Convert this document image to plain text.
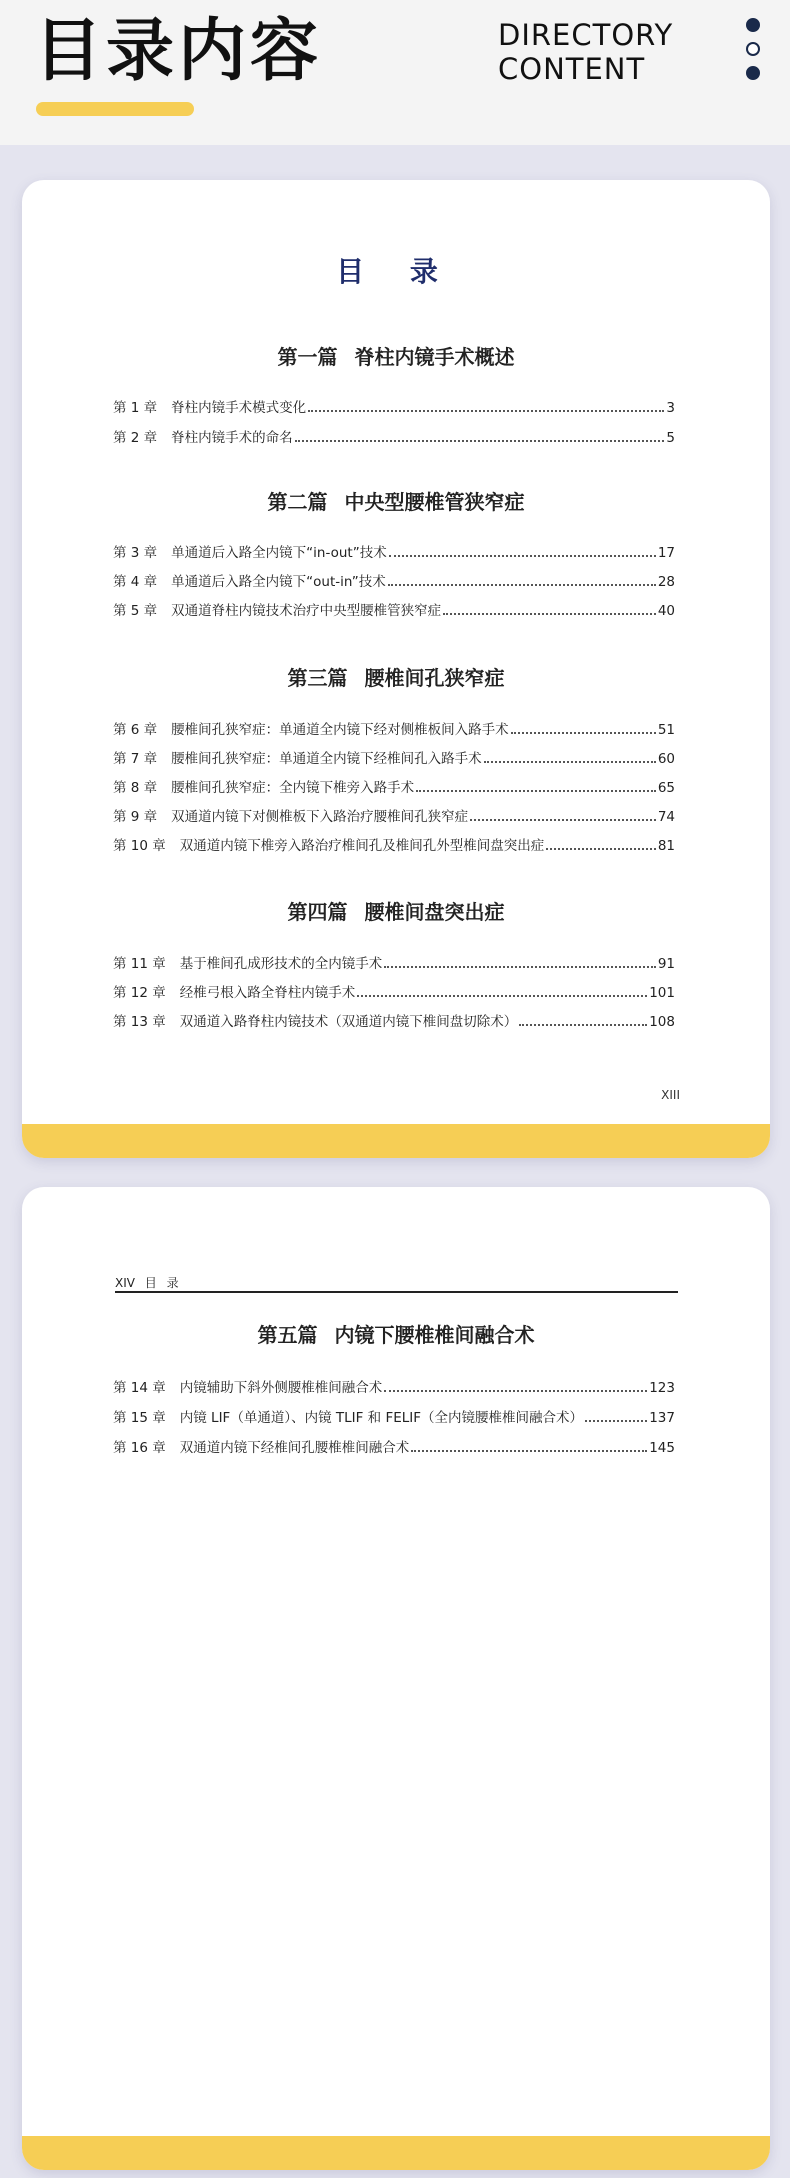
目录内容	DIRECTORY
CONTENT
目 录
第一篇 脊柱内镜手术概述
第 1 章 脊柱内镜手术模式变化	3
第 2 章 脊柱内镜手术的命名	5
第二篇 中央型腰椎管狭窄症
第 3 章 单通道后入路全内镜下“in-out”技术	17
第 4 章 单通道后入路全内镜下“out-in”技术	28
第 5 章 双通道脊柱内镜技术治疗中央型腰椎管狭窄症	40
第三篇 腰椎间孔狭窄症
第 6 章 腰椎间孔狭窄症：单通道全内镜下经对侧椎板间入路手术	51
第 7 章 腰椎间孔狭窄症：单通道全内镜下经椎间孔入路手术	60
第 8 章 腰椎间孔狭窄症：全内镜下椎旁入路手术	65
第 9 章 双通道内镜下对侧椎板下入路治疗腰椎间孔狭窄症	74
第 10 章 双通道内镜下椎旁入路治疗椎间孔及椎间孔外型椎间盘突出症	81
第四篇 腰椎间盘突出症
第 11 章 基于椎间孔成形技术的全内镜手术	91
第 12 章 经椎弓根入路全脊柱内镜手术	101
第 13 章 双通道入路脊柱内镜技术（双通道内镜下椎间盘切除术）	108
XIII
XIV 目 录
第五篇 内镜下腰椎椎间融合术
第 14 章 内镜辅助下斜外侧腰椎椎间融合术	123
第 15 章 内镜 LIF（单通道）、内镜 TLIF 和 FELIF（全内镜腰椎椎间融合术）	137
第 16 章 双通道内镜下经椎间孔腰椎椎间融合术	145
